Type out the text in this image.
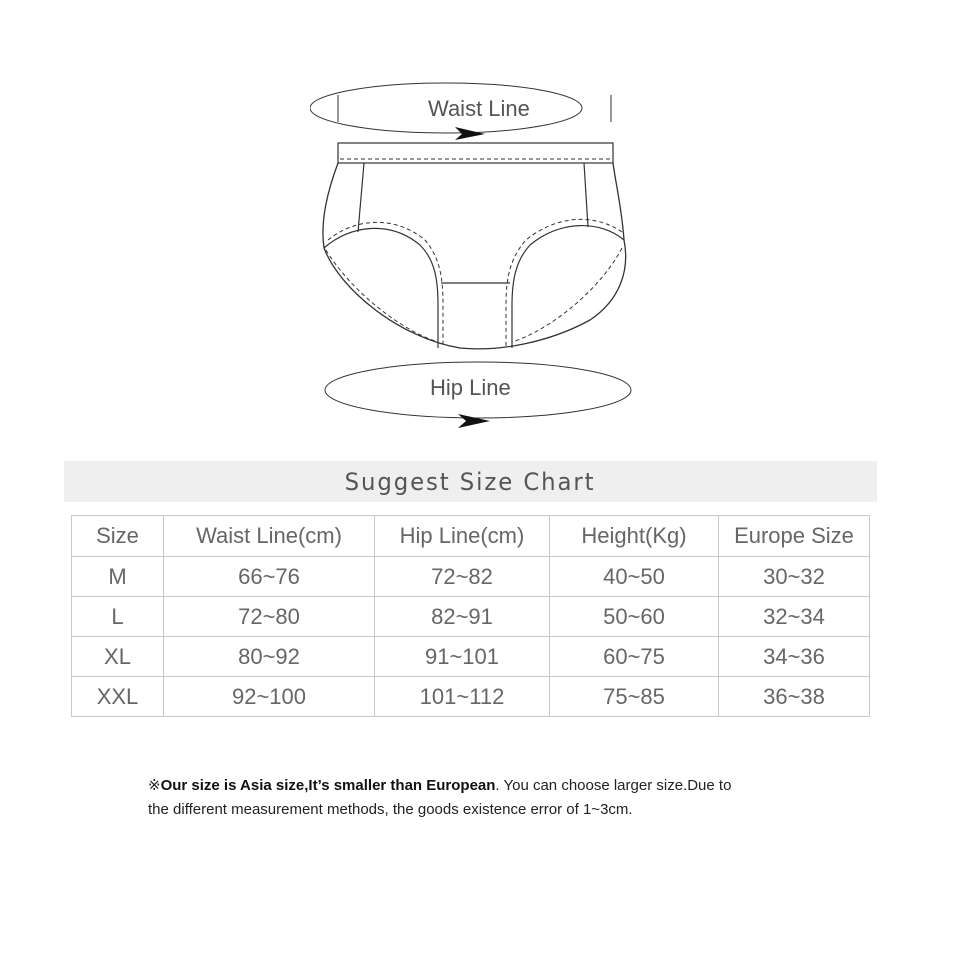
Waist Line
Hip Line
Suggest Size Chart
Size	Waist Line(cm)	Hip Line(cm)	Height(Kg)	Europe Size
M	66~76	72~82	40~50	30~32
L	72~80	82~91	50~60	32~34
XL	80~92	91~101	60~75	34~36
XXL	92~100	101~112	75~85	36~38
※Our size is Asia size,It’s smaller than European. You can choose larger size.Due to
the different measurement methods, the goods existence error of 1~3cm.
